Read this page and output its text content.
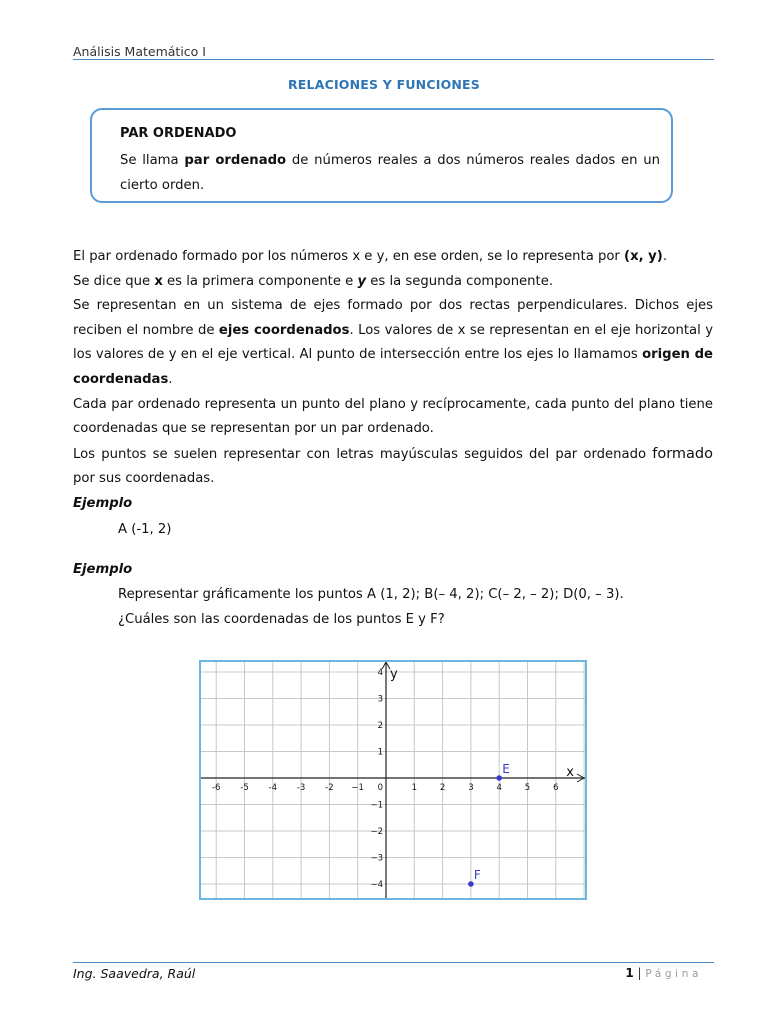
Análisis Matemático I
RELACIONES Y FUNCIONES
PAR ORDENADO
Se llama par ordenado de números reales a dos números reales dados en un cierto orden.

El par ordenado formado por los números x e y, en ese orden, se lo representa por (x, y).

Se dice que x es la primera componente e y es la segunda componente.

Se representan en un sistema de ejes formado por dos rectas perpendiculares. Dichos ejes reciben el nombre de ejes coordenados. Los valores de x se representan en el eje horizontal y los valores de y en el eje vertical. Al punto de intersección entre los ejes lo llamamos origen de coordenadas.

Cada par ordenado representa un punto del plano y recíprocamente, cada punto del plano tiene coordenadas que se representan por un par ordenado.

Los puntos se suelen representar con letras mayúsculas seguidos del par ordenado formado por sus coordenadas.

Ejemplo
A (-1, 2)
Ejemplo
Representar gráficamente los puntos A (1, 2); B(– 4, 2); C(– 2, – 2); D(0, – 3).
¿Cuáles son las coordenadas de los puntos E y F?
x
y
-6 -5 -4 -3 -2 −1 0	1	2	3	4	5	6
4
3
2
1
−1
−2
−3
−4
E
F
Ing. Saavedra, Raúl	1 | Página
